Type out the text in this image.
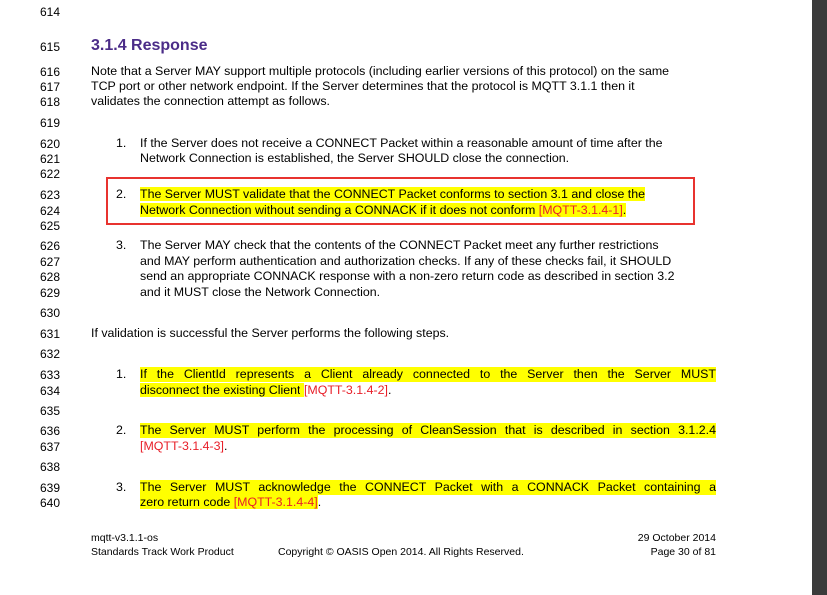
614
615
616
617
618
619
620
621
622
623
624
625
626
627
628
629
630
631
632
633
634
635
636
637
638
639
640
3.1.4 Response
Note that a Server MAY support multiple protocols (including earlier versions of this protocol) on the same
TCP port or other network endpoint. If the Server determines that the protocol is MQTT 3.1.1 then it
validates the connection attempt as follows.
1. If the Server does not receive a CONNECT Packet within a reasonable amount of time after the
Network Connection is established, the Server SHOULD close the connection.
2. The Server MUST validate that the CONNECT Packet conforms to section 3.1 and close the
Network Connection without sending a CONNACK if it does not conform [MQTT-3.1.4-1].
3. The Server MAY check that the contents of the CONNECT Packet meet any further restrictions
and MAY perform authentication and authorization checks. If any of these checks fail, it SHOULD
send an appropriate CONNACK response with a non-zero return code as described in section 3.2
and it MUST close the Network Connection.
If validation is successful the Server performs the following steps.
1. If the ClientId represents a Client already connected to the Server then the Server MUST
disconnect the existing Client [MQTT-3.1.4-2].
2. The Server MUST perform the processing of CleanSession that is described in section 3.1.2.4
[MQTT-3.1.4-3].
3. The Server MUST acknowledge the CONNECT Packet with a CONNACK Packet containing a
zero return code [MQTT-3.1.4-4].
mqtt-v3.1.1-os
Standards Track Work Product	Copyright © OASIS Open 2014. All Rights Reserved.
29 October 2014
Page 30 of 81
